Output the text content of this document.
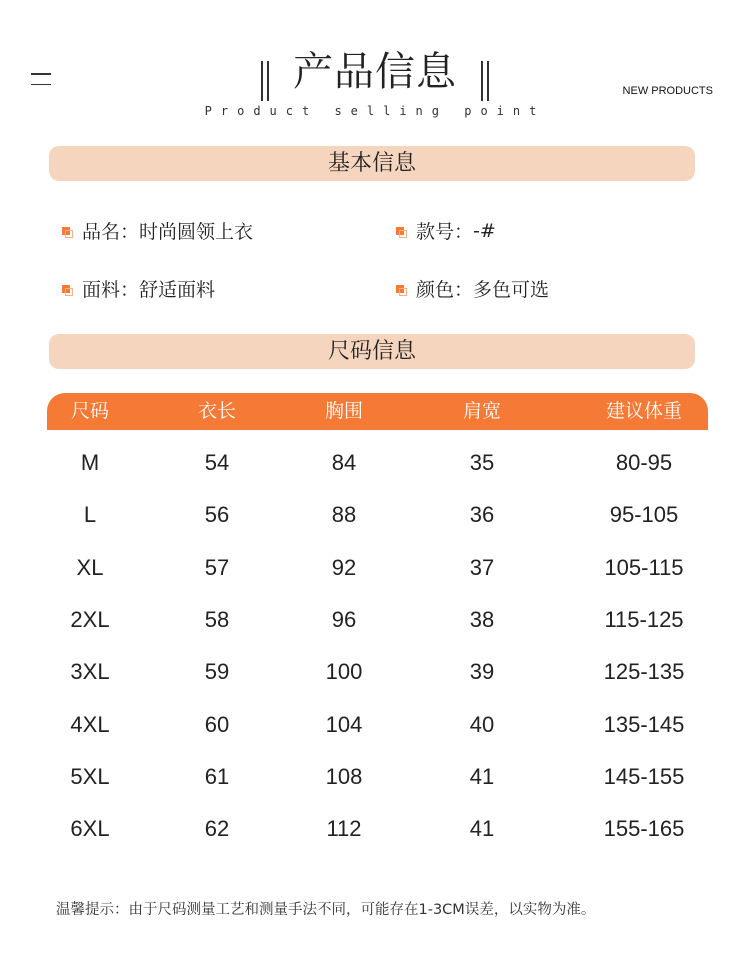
产品信息
Product selling point
NEW PRODUCTS
基本信息
品名 ： 时尚圆领上衣	款号 ： -#
面料 ： 舒适面料	颜色 ： 多色可选
尺码信息
尺码	衣长	胸围	肩宽	建议体重
M	54	84	35	80-95
L	56	88	36	95-105
XL	57	92	37	105-115
2XL	58	96	38	115-125
3XL	59	100	39	125-135
4XL	60	104	40	135-145
5XL	61	108	41	145-155
6XL	62	112	41	155-165
温馨提示：由于尺码测量工艺和测量手法不同，可能存在1-3CM误差，以实物为准。
